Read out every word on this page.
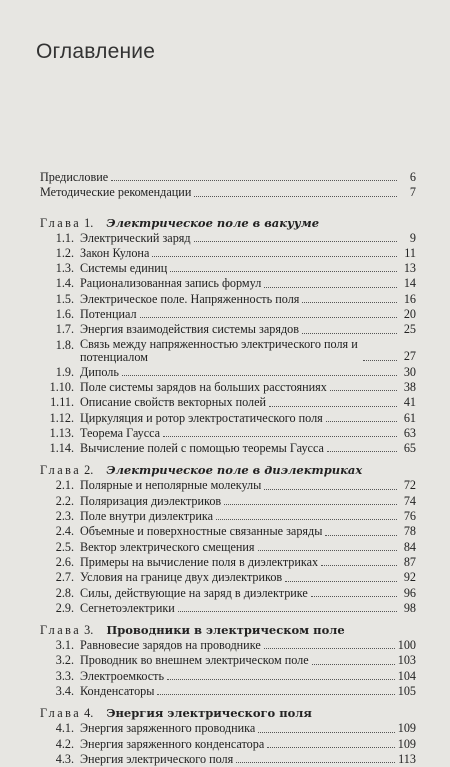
Оглавление
Предисловие	6
Методические рекомендации	7
Глава 1. Электрическое поле в вакууме
1.1. Электрический заряд	9
1.2. Закон Кулона	11
1.3. Системы единиц	13
1.4. Рационализованная запись формул	14
1.5. Электрическое поле. Напряженность поля	16
1.6. Потенциал	20
1.7. Энергия взаимодействия системы зарядов	25
1.8. Связь между напряженностью электрического поля и потенциалом	27
1.9. Диполь	30
1.10. Поле системы зарядов на больших расстояниях	38
1.11. Описание свойств векторных полей	41
1.12. Циркуляция и ротор электростатического поля	61
1.13. Теорема Гаусса	63
1.14. Вычисление полей с помощью теоремы Гаусса	65
Глава 2. Электрическое поле в диэлектриках
2.1. Полярные и неполярные молекулы	72
2.2. Поляризация диэлектриков	74
2.3. Поле внутри диэлектрика	76
2.4. Объемные и поверхностные связанные заряды	78
2.5. Вектор электрического смещения	84
2.6. Примеры на вычисление поля в диэлектриках	87
2.7. Условия на границе двух диэлектриков	92
2.8. Силы, действующие на заряд в диэлектрике	96
2.9. Сегнетоэлектрики	98
Глава 3. Проводники в электрическом поле
3.1. Равновесие зарядов на проводнике	100
3.2. Проводник во внешнем электрическом поле	103
3.3. Электроемкость	104
3.4. Конденсаторы	105
Глава 4. Энергия электрического поля
4.1. Энергия заряженного проводника	109
4.2. Энергия заряженного конденсатора	109
4.3. Энергия электрического поля	113
